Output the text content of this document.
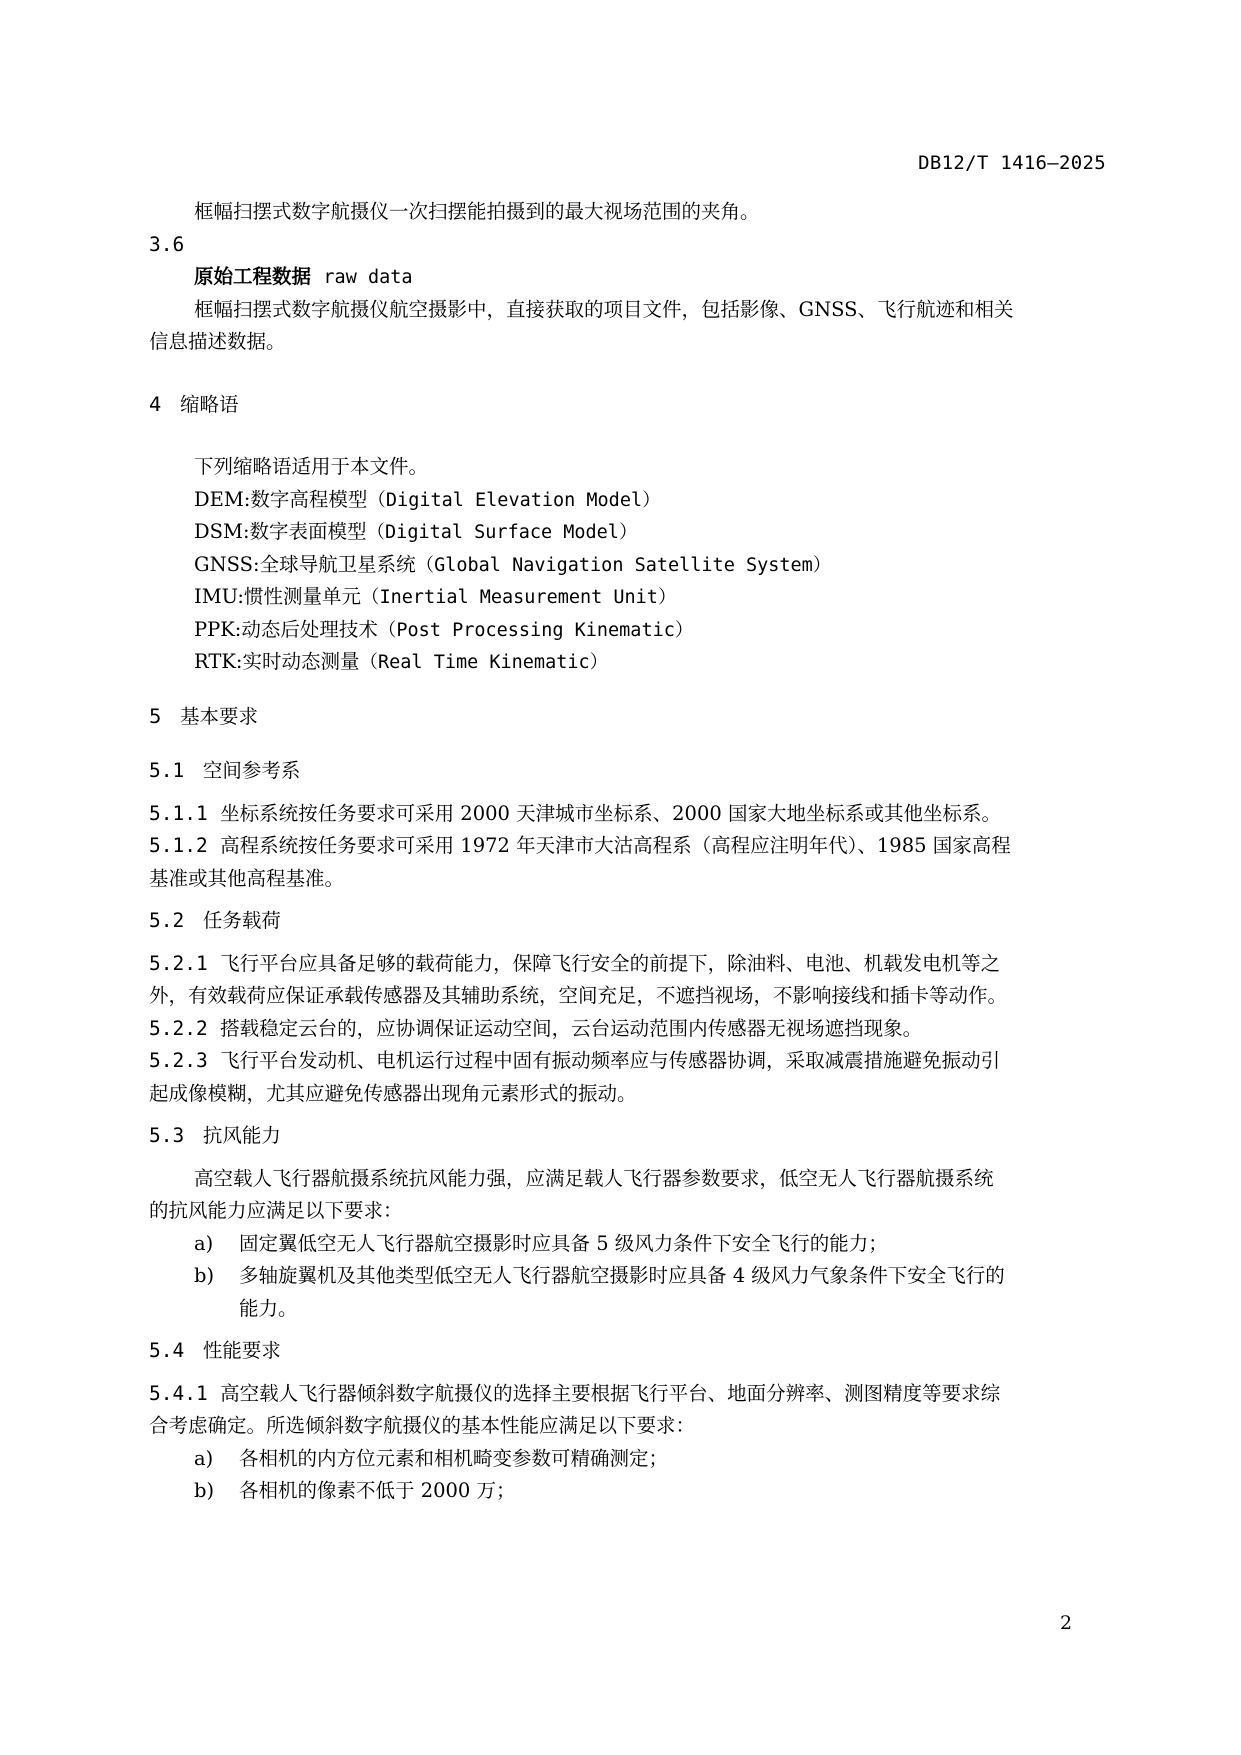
DB12/T 1416—2025
框幅扫摆式数字航摄仪一次扫摆能拍摄到的最大视场范围的夹角。
3.6
原始工程数据 raw data
框幅扫摆式数字航摄仪航空摄影中，直接获取的项目文件，包括影像、GNSS、飞行航迹和相关
信息描述数据。
4 缩略语
下列缩略语适用于本文件。
DEM:数字高程模型（Digital Elevation Model）
DSM:数字表面模型（Digital Surface Model）
GNSS:全球导航卫星系统（Global Navigation Satellite System）
IMU:惯性测量单元（Inertial Measurement Unit）
PPK:动态后处理技术（Post Processing Kinematic）
RTK:实时动态测量（Real Time Kinematic）
5 基本要求
5.1 空间参考系
5.1.1 坐标系统按任务要求可采用 2000 天津城市坐标系、2000 国家大地坐标系或其他坐标系。
5.1.2 高程系统按任务要求可采用 1972 年天津市大沽高程系（高程应注明年代）、1985 国家高程
基准或其他高程基准。
5.2 任务载荷
5.2.1 飞行平台应具备足够的载荷能力，保障飞行安全的前提下，除油料、电池、机载发电机等之
外，有效载荷应保证承载传感器及其辅助系统，空间充足，不遮挡视场，不影响接线和插卡等动作。
5.2.2 搭载稳定云台的，应协调保证运动空间，云台运动范围内传感器无视场遮挡现象。
5.2.3 飞行平台发动机、电机运行过程中固有振动频率应与传感器协调，采取减震措施避免振动引
起成像模糊，尤其应避免传感器出现角元素形式的振动。
5.3 抗风能力
高空载人飞行器航摄系统抗风能力强，应满足载人飞行器参数要求，低空无人飞行器航摄系统
的抗风能力应满足以下要求：
a) 固定翼低空无人飞行器航空摄影时应具备 5 级风力条件下安全飞行的能力；
b) 多轴旋翼机及其他类型低空无人飞行器航空摄影时应具备 4 级风力气象条件下安全飞行的
能力。
5.4 性能要求
5.4.1 高空载人飞行器倾斜数字航摄仪的选择主要根据飞行平台、地面分辨率、测图精度等要求综
合考虑确定。所选倾斜数字航摄仪的基本性能应满足以下要求：
a) 各相机的内方位元素和相机畸变参数可精确测定；
b) 各相机的像素不低于 2000 万；
2
